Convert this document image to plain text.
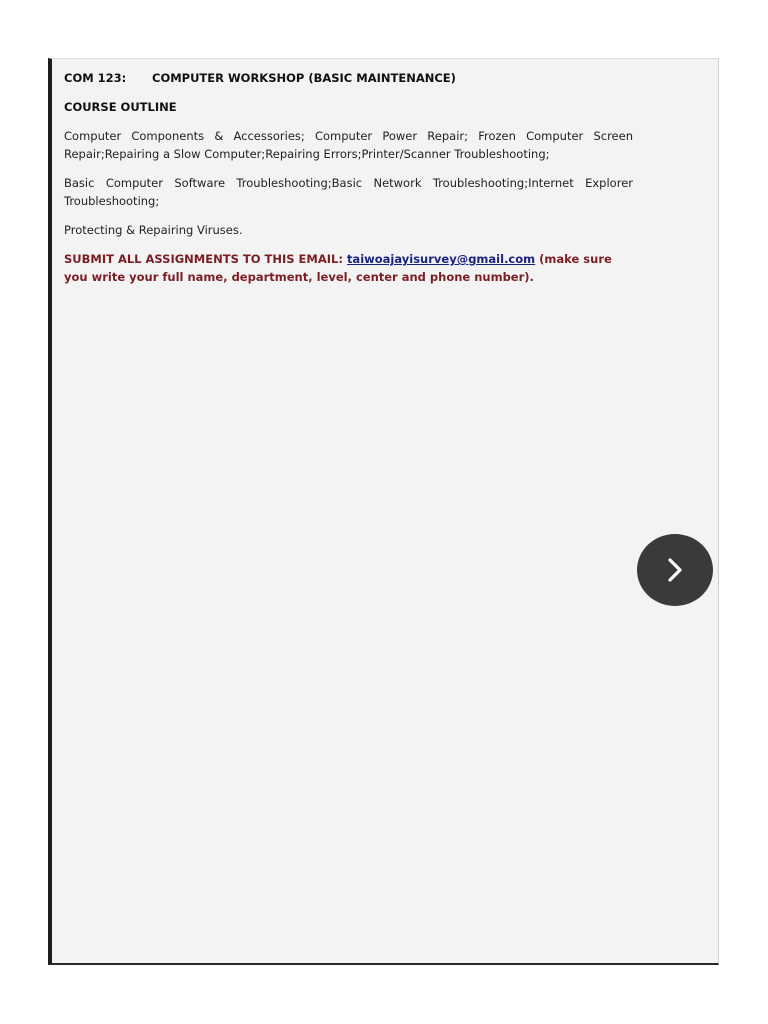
COM 123: COMPUTER WORKSHOP (BASIC MAINTENANCE)
COURSE OUTLINE
Computer Components & Accessories; Computer Power Repair; Frozen Computer Screen Repair;Repairing a Slow Computer;Repairing Errors;Printer/Scanner Troubleshooting;
Basic Computer Software Troubleshooting;Basic Network Troubleshooting;Internet Explorer Troubleshooting;
Protecting & Repairing Viruses.
SUBMIT ALL ASSIGNMENTS TO THIS EMAIL: taiwoajayisurvey@gmail.com (make sure you write your full name, department, level, center and phone number).
